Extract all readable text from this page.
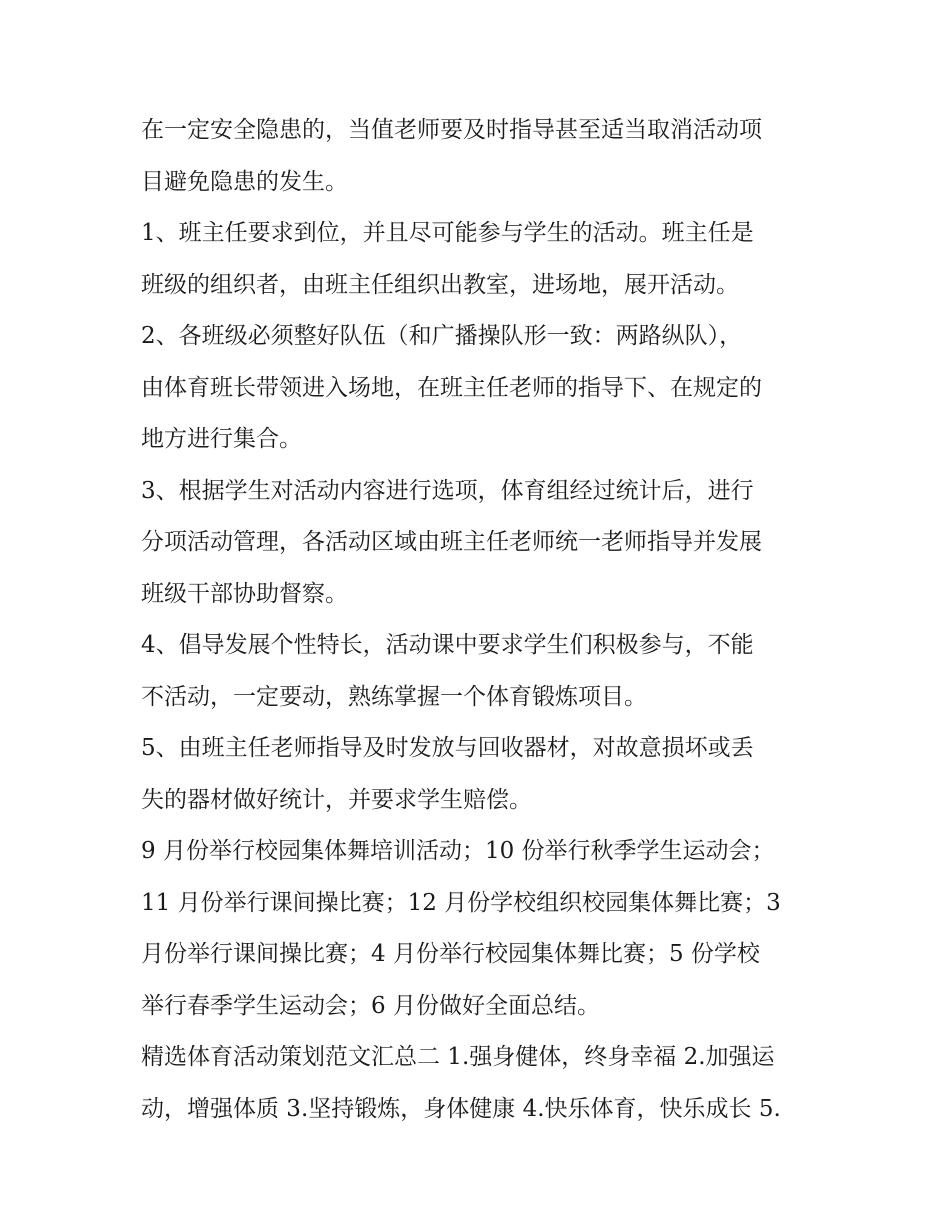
在一定安全隐患的，当值老师要及时指导甚至适当取消活动项
目避免隐患的发生。
1、班主任要求到位，并且尽可能参与学生的活动。班主任是
班级的组织者，由班主任组织出教室，进场地，展开活动。
2、各班级必须整好队伍（和广播操队形一致：两路纵队），
由体育班长带领进入场地，在班主任老师的指导下、在规定的
地方进行集合。
3、根据学生对活动内容进行选项，体育组经过统计后，进行
分项活动管理，各活动区域由班主任老师统一老师指导并发展
班级干部协助督察。
4、倡导发展个性特长，活动课中要求学生们积极参与，不能
不活动，一定要动，熟练掌握一个体育锻炼项目。
5、由班主任老师指导及时发放与回收器材，对故意损坏或丢
失的器材做好统计，并要求学生赔偿。
9 月份举行校园集体舞培训活动；10 份举行秋季学生运动会；
11 月份举行课间操比赛；12 月份学校组织校园集体舞比赛；3
月份举行课间操比赛；4 月份举行校园集体舞比赛；5 份学校
举行春季学生运动会；6 月份做好全面总结。
精选体育活动策划范文汇总二 1.强身健体，终身幸福 2.加强运
动，增强体质 3.坚持锻炼，身体健康 4.快乐体育，快乐成长 5.
